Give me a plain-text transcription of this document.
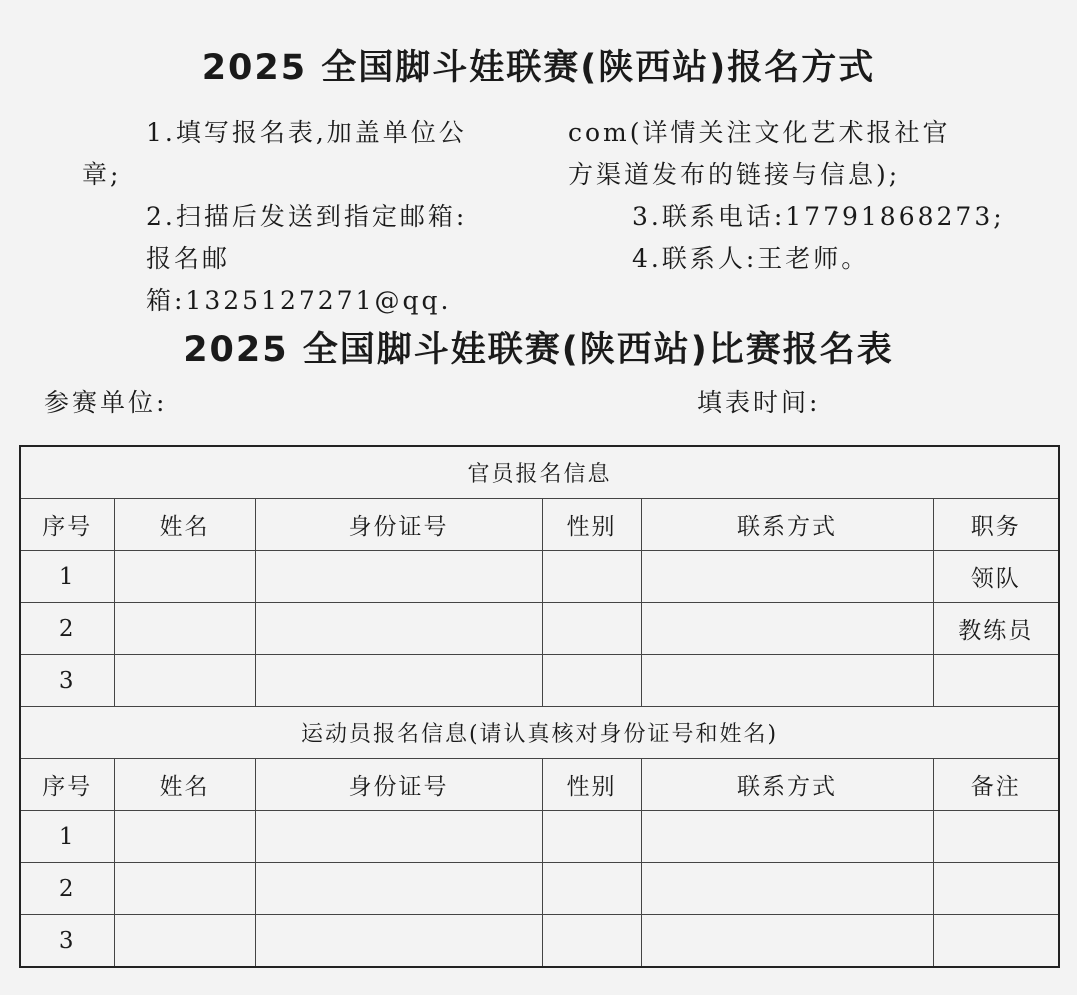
2025 全国脚斗娃联赛(陕西站)报名方式

1.填写报名表,加盖单位公

章;

2.扫描后发送到指定邮箱:

报名邮箱:1325127271@qq.

com(详情关注文化艺术报社官

方渠道发布的链接与信息);

3.联系电话:17791868273;

4.联系人:王老师。

2025 全国脚斗娃联赛(陕西站)比赛报名表
参赛单位:	填表时间:
官员报名信息					
序号	姓名	身份证号	性别	联系方式	职务
1					领队
2					教练员
3					
运动员报名信息(请认真核对身份证号和姓名)					
序号	姓名	身份证号	性别	联系方式	备注
1					
2					
3					
